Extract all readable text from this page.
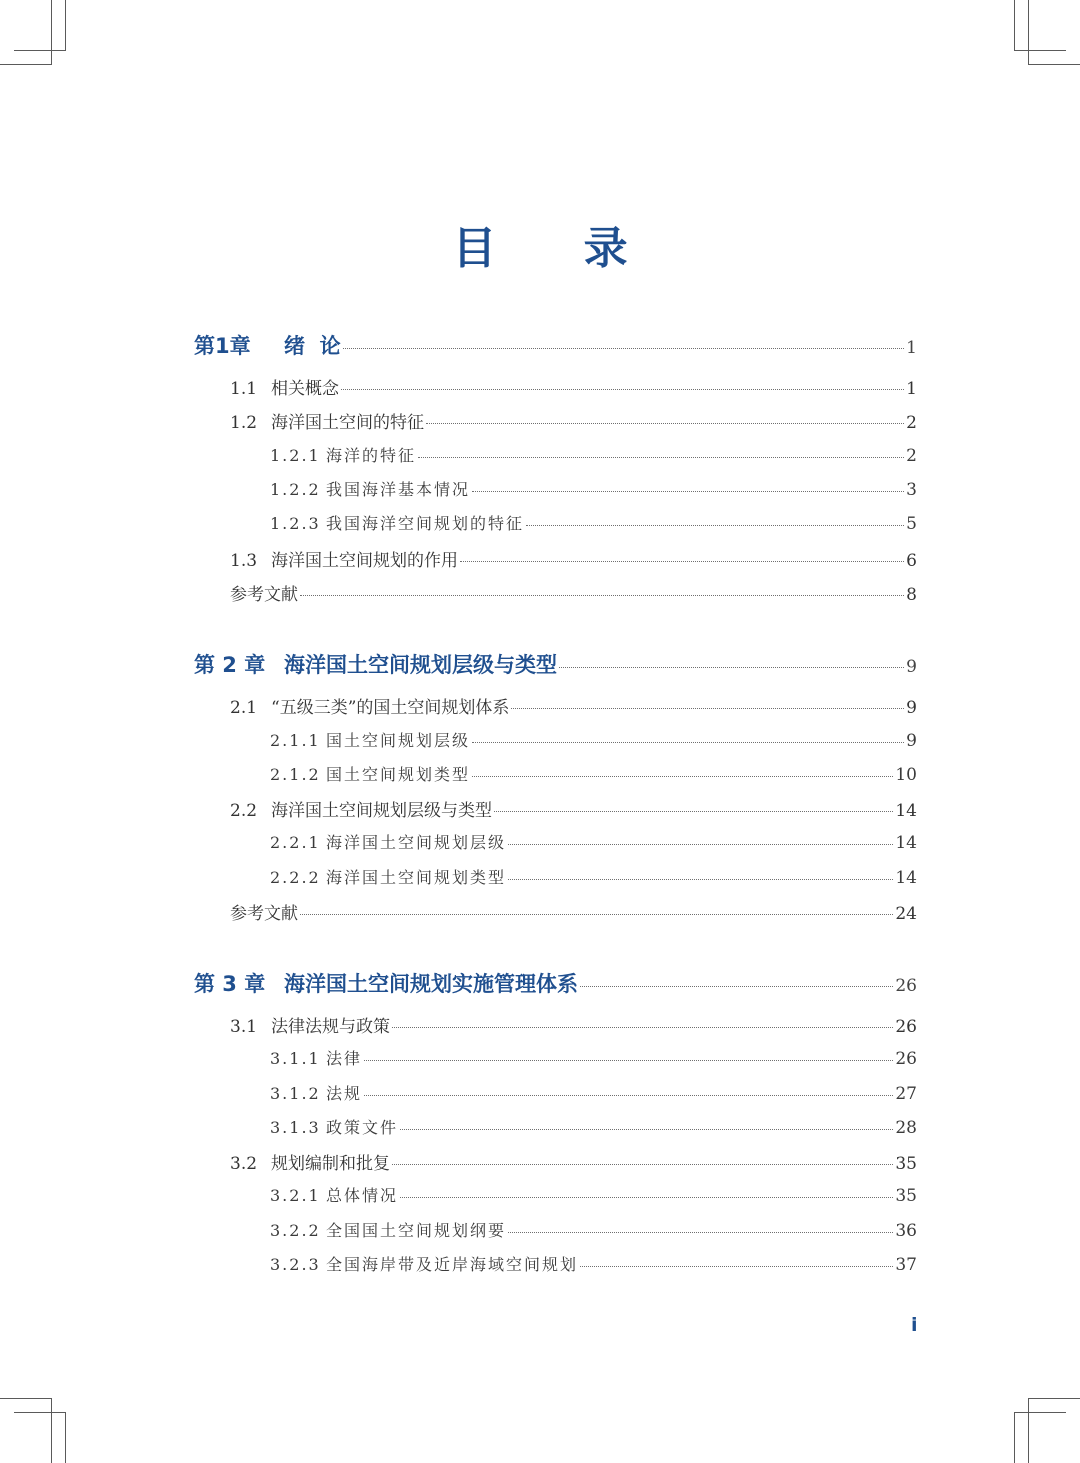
目 录
第1章 绪  论	1
1.1 相关概念	1
1.2 海洋国土空间的特征	2
1.2.1 海洋的特征	2
1.2.2 我国海洋基本情况	3
1.2.3 我国海洋空间规划的特征	5
1.3 海洋国土空间规划的作用	6
参考文献	8
第 2 章 海洋国土空间规划层级与类型	9
2.1 “五级三类”的国土空间规划体系	9
2.1.1 国土空间规划层级	9
2.1.2 国土空间规划类型	10
2.2 海洋国土空间规划层级与类型	14
2.2.1 海洋国土空间规划层级	14
2.2.2 海洋国土空间规划类型	14
参考文献	24
第 3 章 海洋国土空间规划实施管理体系	26
3.1 法律法规与政策	26
3.1.1 法律	26
3.1.2 法规	27
3.1.3 政策文件	28
3.2 规划编制和批复	35
3.2.1 总体情况	35
3.2.2 全国国土空间规划纲要	36
3.2.3 全国海岸带及近岸海域空间规划	37
i
